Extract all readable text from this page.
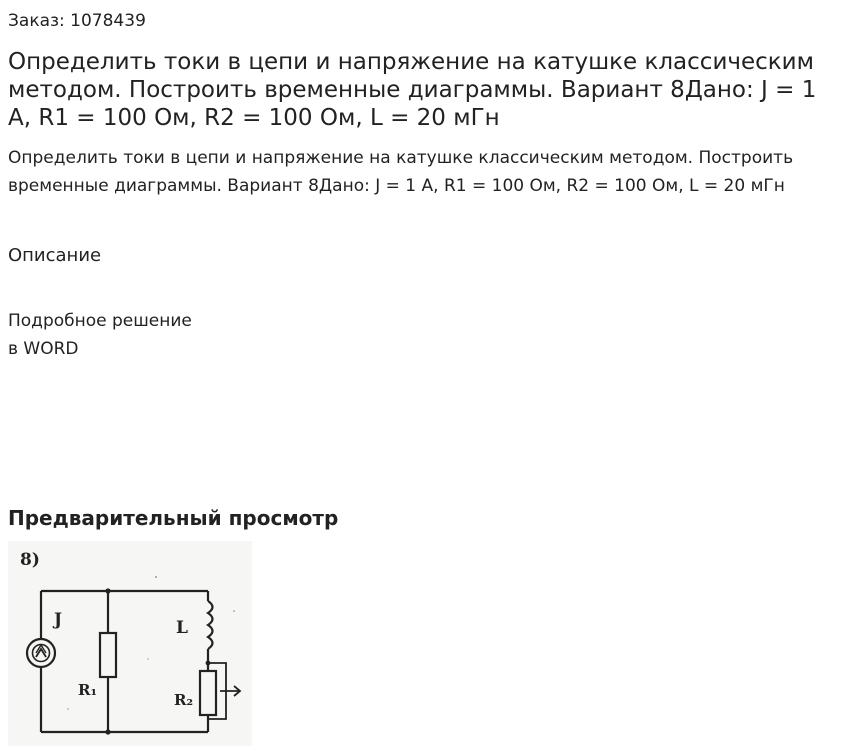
Заказ: 1078439
Определить токи в цепи и напряжение на катушке классическим методом. Построить временные диаграммы. Вариант 8Дано: J = 1 А, R1 = 100 Ом, R2 = 100 Ом, L = 20 мГн

Определить токи в цепи и напряжение на катушке классическим методом. Построить временные диаграммы. Вариант 8Дано: J = 1 А, R1 = 100 Ом, R2 = 100 Ом, L = 20 мГн

Описание
Подробное решение
в WORD
Предварительный просмотр
8)
J
R₁
L
R₂
